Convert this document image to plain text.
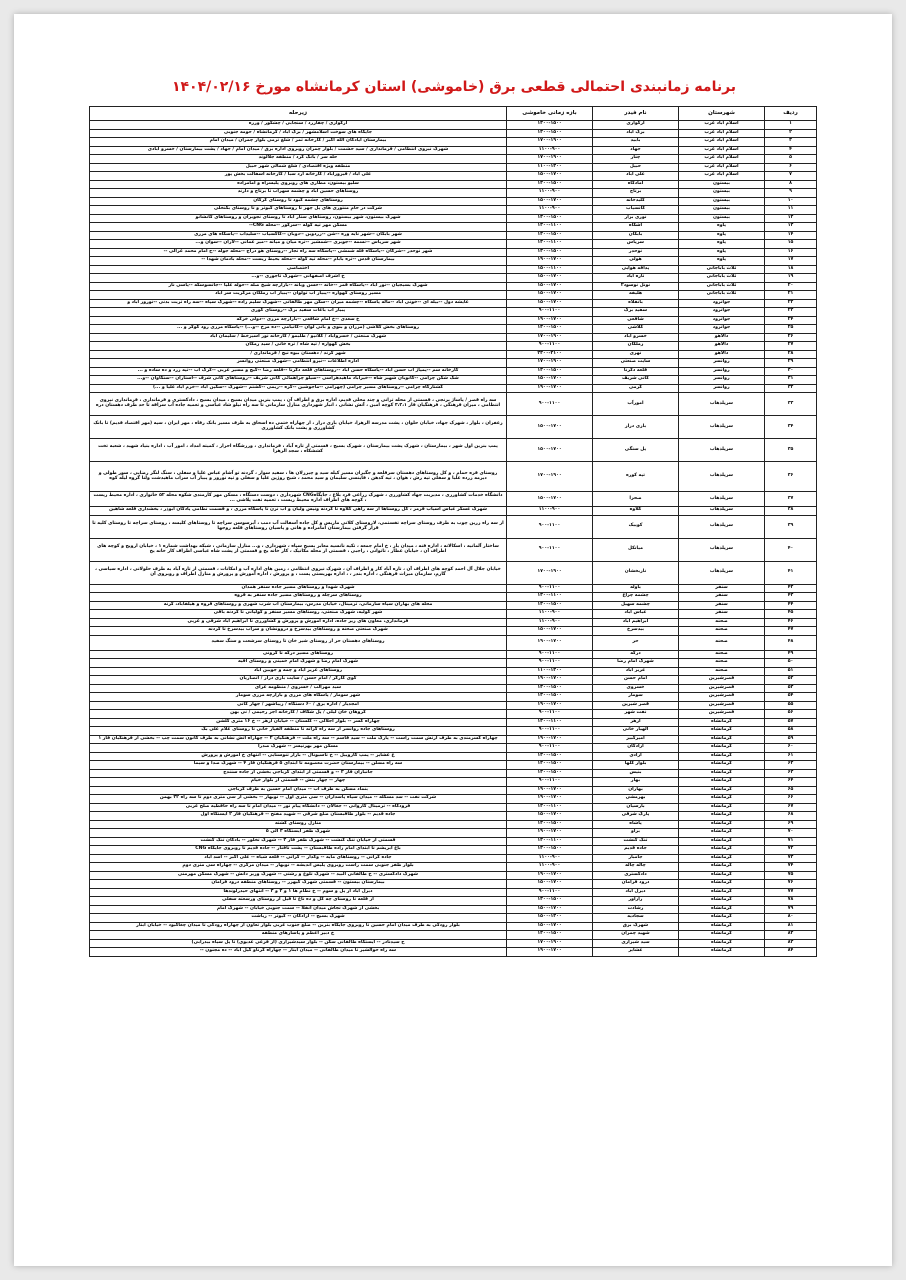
برنامه زمانبندی احتمالی قطعی برق (خاموشی) استان کرمانشاه مورخ ۱۴۰۴/۰۲/۱۶
ردیف	شهرستان	نام فیدر	بازه زمانی خاموشی	زیرحله
۱	اسلام آباد غرب	ارکوازی	۱۳۰۰-۱۵۰۰	ارکوازی / چقازرد / سنجابی / چشکور / ورزه
۲	اسلام آباد غرب	برک آباد	۱۳۰۰-۱۵۰۰	جایگاه های سوخت اسلامشهر / برک آباد / کرمانشاه / حومه جنوبی
۳	اسلام آباد غرب	بابید	۱۷۰۰-۱۹۰۰	بیمارستان ایادگان الله اکبر / کارخانه ثمر / شلغ ترمی بلوار چمران / میدان امام
۴	اسلام آباد غرب	جهاد	۱۱۰۰-۹۰۰	شهرک نیروی انتظامی / فرمانداری / سید حشمت / بلوار چمران روبروی اداره برق / میدان امام / جهاد / پشت بیمارستان / خسرو آبادی
۵	اسلام آباد غرب	چنار	۱۷۰۰-۱۹۰۰	حله سر / بانک کرد / منطقه جلالوند
۶	اسلام آباد غرب	حبیل	۱۱۰۰-۱۳۰۰	منطقه ویژه اقتصادی / شلغ شمالی شهر حبیل
۷	اسلام آباد غرب	علی آباد	۱۵۰۰-۱۷۰۰	علی آباد / فیروزآباد / کارخانه آرد سبا / کارخانه آسفالت بخش پور
۸	بیستون	آمادگاه	۱۳۰۰-۱۵۰۰	سلیو بیستون، مطاری های روبروی پلیسراه و امامزاده
۹	بیستون	برتاج	۱۱۰۰-۹۰۰	روستاهای حسین اباد و چشمه سهراب تا برتاج و دارند
۱۰	بیستون	کلیدخانه	۱۵۰۰-۱۷۰۰	روستاهای چشمه کبود تا روستای کرکان
۱۱	بیستون	کانسیاب	۱۱۰۰-۹۰۰	شرکت در حام منتوری های پل چهر تا روستاهای کبوتر و تا روستای بکنخلی
۱۲	بیستون	نوری برار	۱۳۰۰-۱۵۰۰	شهرک بیستون، شهر بیستون، روستاهای ستار آباد تا روستای نجوبران و روستاهای کانشانو
۱۳	پاوه	آشکاه	۱۳۰۰-۱۱۰۰	مسکن مهر تپه کوله --سرکور --محله CNG--
۱۴	پاوه	بابگان	۱۳۰۰-۱۵۰۰	شهر بابگان --شهر نایه وره --شن --زردوین --دوبان --کاکسیاب --سلیدآب --پاسگاه های مرزی
۱۵	پاوه	سرپاس	۱۳۰۰-۱۱۰۰	شهر سرپاس --نسمه --جوبری --شمشیر --تره میان و میانه --میر عمانی --لازان --سوان و...
۱۶	پاوه	نوحدر	۱۳۰۰-۱۵۰۰	شهر نوحدر --شرکان --پاسگاه قله شمشی --پاسگاه سه راه نجار --روستای هو دراج --محله جوله --ح امام محمد غزالی --
۱۷	پاوه	هولی	۱۹۰۰-۱۷۰۰	بیمارستان قدس --تره بابام --محله تپه کوله --محله بحیط زیست --محله بادمان شهدا --
۱۸	ثلاث باباجانی	پداقه هوایی	۱۵۰۰-۱۱۰۰	اختصاصی
۱۹	ثلاث باباجانی	تازه آباد	۱۵۰۰-۱۷۰۰	خ اشرف اصفهانی --شهرک تاجوری --و...
۲۰	ثلاث باباجانی	نونل نوسود۲	۱۵۰۰-۱۷۰۰	شهرک بسیجیان --نور اباد --پاسگاه قمر --خانه --حسن وبانه --بازارچه شیخ صله --حوله علیا --جانسوسکه --پاسی ناز
۲۱	ثلاث باباجانی	هلیقه	۱۵۰۰-۱۷۰۰	مسیر روستای گهواره --پبیاز آب تولوان --پبیاز آب زملکان مرکزیت سر آباد
۲۲	جوانرود	بانقلاه	۱۵۰۰-۱۷۰۰	عایشه دول --بیله ای --خونی آباد --ماله پاسگاه --چشمه میران --سکن مهر طالقانی --شهرک سلیم زاده --شهرک سپاه --سه راه تربت بدنی --نوروز اباد و
۲۳	جوانرود	سفید برگ	۹۰۰-۱۱۰۰	پبیاز آب باغات سفید برگ --روستای کوری
۲۴	جوانرود	شافعی	۱۹۰۰-۱۷۰۰	خ سعدی --خ امام شافعی --بازارچه مرزی --دولی خرکه
۲۵	جوانرود	کلاشی	۱۳۰۰-۱۵۰۰	روستاهای بخش کلاشی (مرزان و بنوی و بانی لوان --کانیامی --ده مرخ --و...) --پاسگاه مرزی رود کوکر و ...
۲۶	دالاهو	خسرو آباد	۱۷۰۰-۱۹۰۰	شهرک صنعتی / خسروآباد / کلانیو / طلبمو / کارخانه نور آسیرخط / سلیمان آباد
۲۷	دالاهو	زملکان	۹۰۰-۱۱۰۰	بخش گهواره / تپه شاه / تره خانی / سید زمکان
۲۸	دالاهو	نهری	۲۳۰۰-۲۱۰۰	شهر کرند / دهستان بیوه نیچ / فرمانداری /
۲۹	روانسر	سایت صنعتی	۱۷۰۰-۱۹۰۰	اداره اطلاعات --نیرو انتظامی --شهرک صنعتی روانسر
۳۰	روانسر	قلعه دکرنا	۱۳۰۰-۱۵۰۰	کارخانه سم --پمپاژ آب حسن اباد --پاسگاه حسن اباد --روستاهای قلعه دکرنا --قلعه رضا --گیچ و مسیر غربی --کرک آب --تپه زرد و ده ساده و ...
۳۱	روانسر	کانی شریف	۱۵۰۰-۱۷۰۰	شک شکن چرامی --کانوبان شهیر شاه --خیرآباد ماهیدهراسی --سیلو چراهمائی کانی شریف --روستاهای کانی شرف --آستاران --سنگاوان --و...
۳۲	روانسر	کرمی	۱۹۰۰-۱۷۰۰	کشتارگاه چرامی --روستاهای مسیر چرامی (چهرامی --ماجوشین --کره --زیمی --گشتم --شهرک --سکین آباد --خرم آباد علیا و ...)
۳۳	سرپلذهاب	امورآب	۹۰۰-۱۱۰۰	سه راه قصر / پاساژ برنجی ، قسمتی از محله ترانی و چند محلی قدیم، اداره برق و اطراف آن ، پمپ بنزین میدان بسیج ، میدان بسیج ، دادکستری و فرمانداری ، فرمانداری نیروی انتظامی ، میران فرهنگی ، فرهنگیان فاز ۳،۲،۱ کوچه امین ، آتش نشانی ، انبار شهرداری منازل سازمانی تا سه راه نیلو شاد عباسی و تعمیه جاده آب سرافه تا حد طرف دهستان دره
۳۴	سرپلذهاب	بازی دراز	۱۵۰۰-۱۷۰۰	زعفران ، بلوار ، شهرک جهاد، خیابان حلوان ، پشت مدرسه الزهرا، خیابان بازی دراز ، از چهاراه ختمی ده اسحاق به طرف مسیر بانک رفاه ، مهر ایران ، سپه (مهر اقتصاد قدیم) تا بانک کشاورزی و پشت بانک کشاورزی
۳۵	سرپلذهاب	پل سنگی	۱۵۰۰-۱۷۰۰	پمپ بنزین اول شهر ، بیمارستان ، شهرک پشت بیمارستان ، شهرک بسیج ، قسمتی از تازه آباد ، فرمانداری ، ورزشگاه احرار ، کمیته امداد ، امور آب ، اداره بنیاد شهید ، شعبه تخت کششکاه ، سجد الزهرا
۳۶	سرپلذهاب	تپه کوره	۱۷۰۰-۱۹۰۰	روستای قره حمام ، و کل روستاهای دهستان سرقلعه و جگیران مسیر کیله سید و چیرزلان ها ، سفید سوار ، گردنه تو آشام عباس علیا و سفلی ، سنگ لنگر رضایی ، سور طولی و دیرمه زرده علیا و سفلی تپه رش ، هوان ، تپه کدهن ، فاینسی سلیمان و سید محمد ، شیخ روژین علیا و سفلی و تپه نوروز و پبیاز آب سراب ماهیدشت ولنا گروه لیله کوه
۳۷	سرپلذهاب	صحرا	۱۵۰۰-۱۷۰۰	دانشگاه خدمات کشاورزی ، مدیریت جهاد کشاورزی ، شهرک زراعی فرد بلاغ ، جایگاهCNG شهرداری ، دوست دستگاه ، مسکن مهر کارمندی شکوه محله ۵۲ خانواری ، اداره محیط زیست ، کوچه های اطراف اداره محیط زیست ، تعمیه تفت پلاشی ...
۳۸	سرپلذهاب	کلاوه	۱۱۰۰-۹۰۰	شهرک عسکر عباس آسیاب قرمز ، کل روستاها از سه راهی گلاوه تا گردنه ونیس ولیان و آب نزن تا پاسگاه مرزی ، و قسمت نظامی پادگان ابوذر ، بخشداری قلعه شاهین
۳۹	سرپلذهاب	کوییک	۹۰۰-۱۱۰۰	از سه راه زرین چوب به طرف روستای سراچه تقستمی، لاروستای کلانی ماریس و کل جاده آسفالت آب دمب ، آبرسوسن سراچه تا روستاهای کلیسه ، روستای سراچه تا روستای کلیه تا قرار گرفتن بیمارستان امامزاده و هانی و پاسیان روستاهای قلعه زوجها
۴۰	سرپلذهاب	میانکل	۹۰۰-۱۱۰۰	ساختار آلمانیه ، اسکالانه ، اداره فنه ، میدان باز ، خ امام جمعه ، تکیه نانسیه معابر بسیج سپاه ، شهرداری ، و... منازل سازمانی ، شبکه بهداشت شماره ۱ ، خیابان اروپج و کوچه های اطراف آن ، خیابان عطار ، تاتوانی ، راجبی ، قسمتی از محله مکانیک ، کار خانه یخ و قسمتی از پشت شاه عباسی اطراف کار خانه یخ
۴۱	سرپلذهاب	نازبخشان	۱۷۰۰-۱۹۰۰	خیابان جلال آل احمد کوچه های اطراف آن ، تازه آباد کار و اطراف آن ، شهرک نیروی انتظامی ، زمین های اداره آب و امکانات ، قسمتی از تازه آباد به طرف حلولانی ، اداره سیاسی ، گازم، سازمان میراث فرهنگی ، اداره بندر ، ، اداره بهزیستی پست ، و پرورش ، اداره آموزش و پرورش و منازل اطراف و روبروی آن
۴۲	سنقر	باوله	۹۰۰-۱۱۰۰	شهرک شهدا و روستاهای مسیر جاده سنقر همدان
۴۳	سنقر	چشمه چراغ	۱۳۰۰-۱۱۰۰	روستاهای سرچله و روستاهای مسیر جاده سنقر به قروه
۴۴	سنقر	چشمه سهیل	۱۳۰۰-۱۵۰۰	محله های بهاران سپاه سازمانی، ترمینال، خیابان مدرس، بیمارستان آب شرب شهری و روستاهای قروه و هیلقاباد، کرنه
۴۵	سنقر	عباس آباد	۱۱۰۰-۹۰۰	شهر کولیه، شهرک صنعتی، روستاهای مسیر سنقر و کولیانی تا گردنه باقی
۴۶	صحنه	ابراهیم آباد	۱۱۰۰-۹۰۰	فرمانداری، معاون های زیر جاده، اداره آموزش و پرورش و کشاورزی تا ابراهیم آباد شرقی و غربی
۴۷	صحنه	بیدسرخ	۱۵۰۰-۱۷۰۰	شهرک صنعتی صحنه و روستاهای بیدسرخ و دروونشان و سراب بیدسرخ تا گردنه
۴۸	صحنه	حر	۱۹۰۰-۱۷۰۰	روستاهای دهستان حر از روستای شیر خان تا روستای سرشعت و سنگ سفید
۴۹	صحنه	درکه	۹۰۰-۱۱۰۰	روستاهای مسیر درکه تا کرونی
۵۰	صحنه	شهرک امام رضا	۹۰۰-۱۱۰۰	شهرک امام رضا و شهرک امام خمینی و روستای اقیه
۵۱	صحنه	عزیز آباد	۱۱۰۰-۱۳۰۰	روستاهای عزیز آباد و چمه و جویین اباد
۵۲	قصرشیرین	امام حسن	۱۹۰۰-۱۷۰۰	کوی کارگر / امام حسن / سایت بازی دراز / انصاریان
۵۳	قصرشیرین	خسروی	۱۳۰۰-۱۵۰۰	سید مهرالب / خسروی / منظومه عرای
۵۴	قصرشیرین	سومار	۱۳۰۰-۱۵۰۰	شهر سومار / پاسگاه های مرزی و بازارچه مرزی سومار
۵۵	قصرشیرین	قصر شیرین	۱۹۰۰-۱۷۰۰	امجدیار / اداره برق / ۶۰ دستگاه / زیباشهر / جهار کانی
۵۶	قصرشیرین	نفت شهر	۹۰۰-۱۱۰۰	گروهان خان لیلی / پل شکاف / کارخانه آجر رحیمی / نی بهن
۵۷	کرمانشاه	ازهر	۱۳۰۰-۱۱۰۰	چهاراه کسر -- بلوار اجلالی -- گلستان -- خیابان ازهر -- خ ۱۶ متری گلشن
۵۸	کرمانشاه	الهیار خانی	۹۰۰-۱۱۰۰	روستاهای جاده روانسر از سه راه کرانه تا منطقه القیار خانی تا روستای غلام علی بک
۵۹	کرمانشاه	امیرکبیر	۱۹۰۰-۱۷۰۰	چهاراه کسرمندی به طرف ارتش سمت راست -- پارک ملت -- سید قاسم -- سه راه ملت -- فرهنگیان ۲ -- چهاراه آتش نشانی به طرف کانون سمت چپ -- بخشی از فرهنگیان فاز ۱
۶۰	کرمانشاه	آزادگان	۹۰۰-۱۱۰۰	مسکن مهر بهرنپسر -- شهرک صدرا
۶۱	کرمانشاه	آزادی	۱۳۰۰-۱۵۰۰	ع عشایر -- پمپ گازوییل -- خ تاسیونال -- بازار تنوسنایی -- انتهای خ آموزش و پرورش
۶۲	کرمانشاه	بلوار کلها	۱۳۰۰-۱۵۰۰	سه راه مسلن -- بیمارستان حضرت معصومه تا ابتدای ۵ فرهنگیان فاز ۴ -- شهرک صدا و سیما
۶۳	کرمانشاه	بنیس	۱۳۰۰-۱۵۰۰	جانبازان فاز ۳ -- و قسمتی از ابتدای کرباجی بخشی از جاده سنندج
۶۴	کرمانشاه	بهار	۹۰۰-۱۱۰۰	چهار -- چهار بنش -- قسمتی از بلوار خیام
۶۵	کرمانشاه	بهاران	۱۹۰۰-۱۷۰۰	بنماد مسکن به طرف آب -- میدان امام حسین به طرف کرباجی
۶۶	کرمانشاه	بهرمشی	۱۹۰۰-۱۷۰۰	شرکت نفت -- سد مسکله -- میدان سپاه پاسداران -- سی متری اول -- نوبهار -- بخشی از سی متری دوم تا سه راه ۳۲ بهمن
۶۷	کرمانشاه	بارسیان	۱۳۰۰-۱۱۰۰	فرودگاه -- ترمینال کاروانی -- جغالان -- دانشگاه پیام نور -- میدان امام تا سه راه حافظیه صلح غربی
۶۸	کرمانشاه	پارک شرقی	۱۵۰۰-۱۷۰۰	جاده قدیم -- بلوار طاقبستان ضلع شرقی -- شهید مفتح -- فرهنگیان فاز ۲ ایستگاه اول
۶۹	کرمانشاه	پاشاه	۱۳۰۰-۱۵۰۰	منازل روستای گشته
۷۰	کرمانشاه	براو	۱۹۰۰-۱۷۰۰	شهرک ظفر ایستگاه ۳ الی ۵
۷۱	کرمانشاه	تنگ کنشت	۱۳۰۰-۱۱۰۰	قسمتی از خیابان تنگ کنشت -- شهرک ظفر فاز ۳ -- شهرک تخلور -- بادکان تنگ کنشت
۷۲	کرمانشاه	جاده قدیم	۱۳۰۰-۱۵۰۰	باغ ابریشم تا ابتدای امام زاده طاقبستان -- پشت تافتار -- جاده قدیم تا روبروی جایگاه CNG
۷۳	کرمانشاه	جامبار	۱۱۰۰-۹۰۰	جاده کرانی -- روستاهای مایه -- وکدار -- کرانی -- قلعه شیاه -- علی اکبر -- اسد آباد
۷۴	کرمانشاه	چاله چاله	۱۱۰۰-۹۰۰	بلوار ظفر جنوبی سمت راست روبروی پلیس اندیشه -- نوبهار -- میدان مرکزی -- چهاراه سی متری دوم
۷۵	کرمانشاه	دادگستری	۱۹۰۰-۱۷۰۰	شهرک دادگستری -- خ طالقانی البید -- شهرک تلوع و رشتی -- شهرک وزیر دانش -- شهرک مسکن مهرمنی
۷۶	کرمانشاه	درود فرامان	۱۵۰۰-۱۷۰۰	بیمارستان بیستون -- قسمتی شهرک کیهزر -- روستاهای منطقه درود فرامان
۷۷	کرمانشاه	دیزل آباد	۹۰۰-۱۱۰۰	دیزل آباد از پل و سوم -- خ نظام ها ۱ و ۲ و ۳ -- انتهای حیدرلوندها
۷۸	کرمانشاه	رازآور	۱۳۰۰-۱۵۰۰	از قلعه تا روستای چه کل و ده ناغ تا قیل از روستای ورسعته سفلی
۷۹	کرمانشاه	رشادت	۱۵۰۰-۱۷۰۰	بخشی از شهرک نجاش میدان انقلا -- سمت جنوبی خیابان -- شهرک امام
۸۰	کرمانشاه	سجادیه	۱۵۰۰-۱۳۰۰	شهرک بسیج -- آزادگان -- کیوتر -- زیاشت
۸۱	کرمانشاه	شهرک برق	۱۵۰۰-۱۷۰۰	بلوار رودکی به طرف میدان امام حسین تا روبروی جایگاه بنزین -- ضلع جنوب غربی بلوار تعاون از چهاراه رودکی تا میدان چغاکبود -- خیابان ابتار
۸۲	کرمانشاه	شهید چمران	۱۳۰۰-۱۵۰۰	خ دبیر اعظم و پاسازهای منطقه
۸۳	کرمانشاه	سید شیرازی	۱۷۰۰-۱۹۰۰	ح سیدنادر -- ایستگاه طالقانی سکن -- بلوار سیدشیرازی (از فرعی عدیوی) تا پل سیاه بیدرابی)
۸۴	کرمانشاه	عشایر	۱۹۰۰-۱۷۰۰	سه راه حوالشیر تا میدان طالقانی -- میدان ابتار -- چهاراه کرناو کیل آباد -- ده مجنون --
